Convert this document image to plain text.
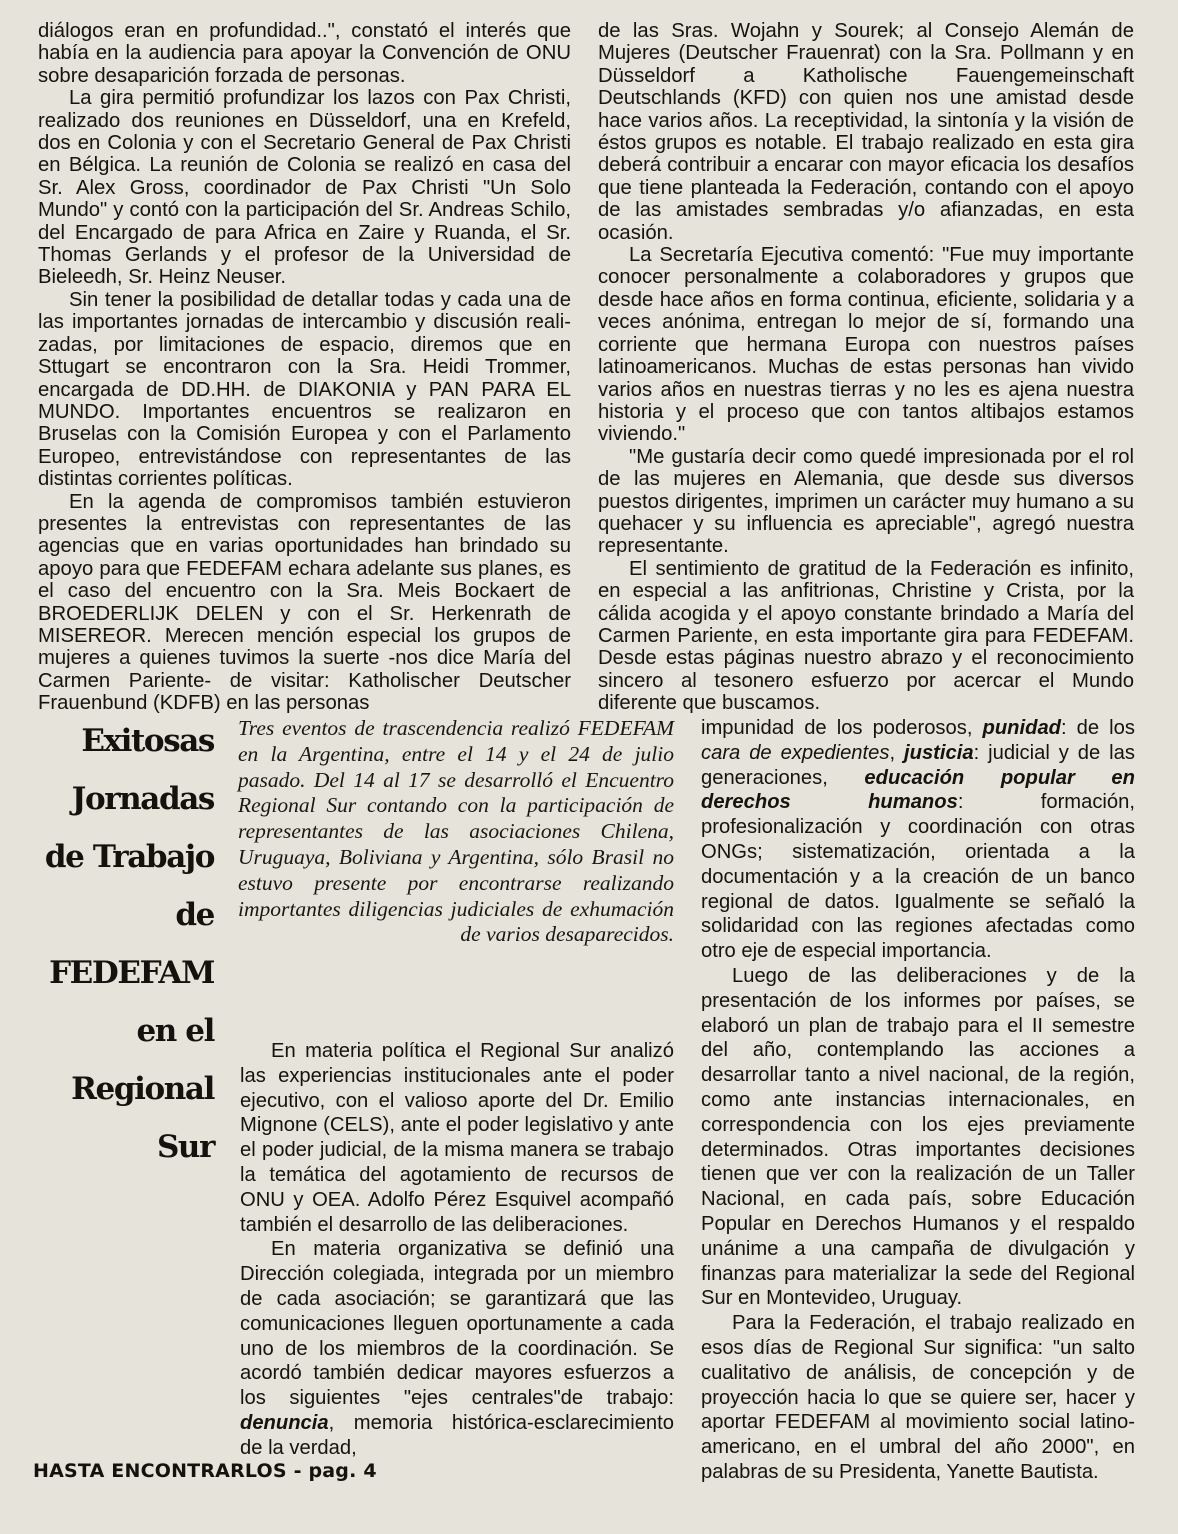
diálogos eran en profundidad..", constató el interés que había en la audiencia para apoyar la Convención de ONU sobre desaparición forzada de personas.

La gira permitió profundizar los lazos con Pax Christi, realizado dos reuniones en Düsseldorf, una en Krefeld, dos en Colonia y con el Secretario General de Pax Christi en Bélgica. La reunión de Colonia se realizó en casa del Sr. Alex Gross, coordinador de Pax Christi "Un Solo Mundo" y contó con la participación del Sr. Andreas Schilo, del Encargado de para Africa en Zaire y Ruanda, el Sr. Thomas Gerlands y el profesor de la Universidad de Bieleedh, Sr. Heinz Neuser.

Sin tener la posibilidad de detallar todas y cada una de las importantes jornadas de intercambio y discusión realizadas, por limitaciones de espacio, diremos que en Sttugart se encontraron con la Sra. Heidi Trommer, encargada de DD.HH. de DIAKONIA y PAN PARA EL MUNDO. Importantes encuentros se realizaron en Bruselas con la Comisión Europea y con el Parlamento Europeo, entrevistándose con representantes de las distintas corrientes políticas.

En la agenda de compromisos también estuvieron presentes la entrevistas con representantes de las agencias que en varias oportunidades han brindado su apoyo para que FEDEFAM echara adelante sus planes, es el caso del encuentro con la Sra. Meis Bockaert de BROEDERLIJK DELEN y con el Sr. Herkenrath de MISEREOR. Merecen mención especial los grupos de mujeres a quienes tuvimos la suerte -nos dice María del Carmen Pariente- de visitar: Katholischer Deutscher Frauenbund (KDFB) en las personas

de las Sras. Wojahn y Sourek; al Consejo Alemán de Mujeres (Deutscher Frauenrat) con la Sra. Pollmann y en Düsseldorf a Katholische Fauengemeinschaft Deutschlands (KFD) con quien nos une amistad desde hace varios años. La receptividad, la sintonía y la visión de éstos grupos es notable. El trabajo realizado en esta gira deberá contribuir a encarar con mayor eficacia los desafíos que tiene planteada la Federación, contando con el apoyo de las amistades sembradas y/o afianzadas, en esta ocasión.

La Secretaría Ejecutiva comentó: "Fue muy importante conocer personalmente a colaboradores y grupos que desde hace años en forma continua, eficiente, solidaria y a veces anónima, entregan lo mejor de sí, formando una corriente que hermana Europa con nuestros países latinoamericanos. Muchas de estas personas han vivido varios años en nuestras tierras y no les es ajena nuestra historia y el proceso que con tantos altibajos estamos viviendo."

"Me gustaría decir como quedé impresionada por el rol de las mujeres en Alemania, que desde sus diversos puestos dirigentes, imprimen un carácter muy humano a su quehacer y su influencia es apreciable", agregó nuestra representante.

El sentimiento de gratitud de la Federación es infinito, en especial a las anfitrionas, Christine y Crista, por la cálida acogida y el apoyo constante brindado a María del Carmen Pariente, en esta importante gira para FEDEFAM. Desde estas páginas nuestro abrazo y el reconocimiento sincero al tesonero esfuerzo por acercar el Mundo diferente que buscamos.

Exitosas
Jornadas
de Trabajo
de
FEDEFAM
en el
Regional
Sur
Tres eventos de trascendencia realizó FEDEFAM en la Argentina, entre el 14 y el 24 de julio pasado. Del 14 al 17 se desarrolló el Encuentro Regional Sur contando con la participación de representantes de las asociaciones Chilena, Uruguaya, Boliviana y Argentina, sólo Brasil no estuvo presente por encontrarse realizando importantes diligencias judiciales de exhumación de varios desaparecidos.

En materia política el Regional Sur analizó las experiencias institucionales ante el poder ejecutivo, con el valioso aporte del Dr. Emilio Mignone (CELS), ante el poder legislativo y ante el poder judicial, de la misma manera se trabajo la temática del agotamiento de recursos de ONU y OEA. Adolfo Pérez Esquivel acompañó también el desarrollo de las deliberaciones.

En materia organizativa se definió una Dirección colegiada, integrada por un miembro de cada asociación; se garantizará que las comunicaciones lleguen oportunamente a cada uno de los miembros de la coordinación. Se acordó también dedicar mayores esfuerzos a los siguientes "ejes centrales"de trabajo: denuncia, memoria histórica-esclarecimiento de la verdad,

impunidad de los poderosos, punidad: de los cara de expedientes, justicia: judicial y de las generaciones, educación popular en derechos humanos: formación, profesionalización y coordinación con otras ONGs; sistematización, orientada a la documentación y a la creación de un banco regional de datos. Igualmente se señaló la solidaridad con las regiones afectadas como otro eje de especial importancia.

Luego de las deliberaciones y de la presentación de los informes por países, se elaboró un plan de trabajo para el II semestre del año, contemplando las acciones a desarrollar tanto a nivel nacional, de la región, como ante instancias internacionales, en correspondencia con los ejes previamente determinados. Otras importantes decisiones tienen que ver con la realización de un Taller Nacional, en cada país, sobre Educación Popular en Derechos Humanos y el respaldo unánime a una campaña de divulgación y finanzas para materializar la sede del Regional Sur en Montevideo, Uruguay.

Para la Federación, el trabajo realizado en esos días de Regional Sur significa: "un salto cualitativo de análisis, de concepción y de proyección hacia lo que se quiere ser, hacer y aportar FEDEFAM al movimiento social latinoamericano, en el umbral del año 2000", en palabras de su Presidenta, Yanette Bautista.

HASTA ENCONTRARLOS - pag. 4
